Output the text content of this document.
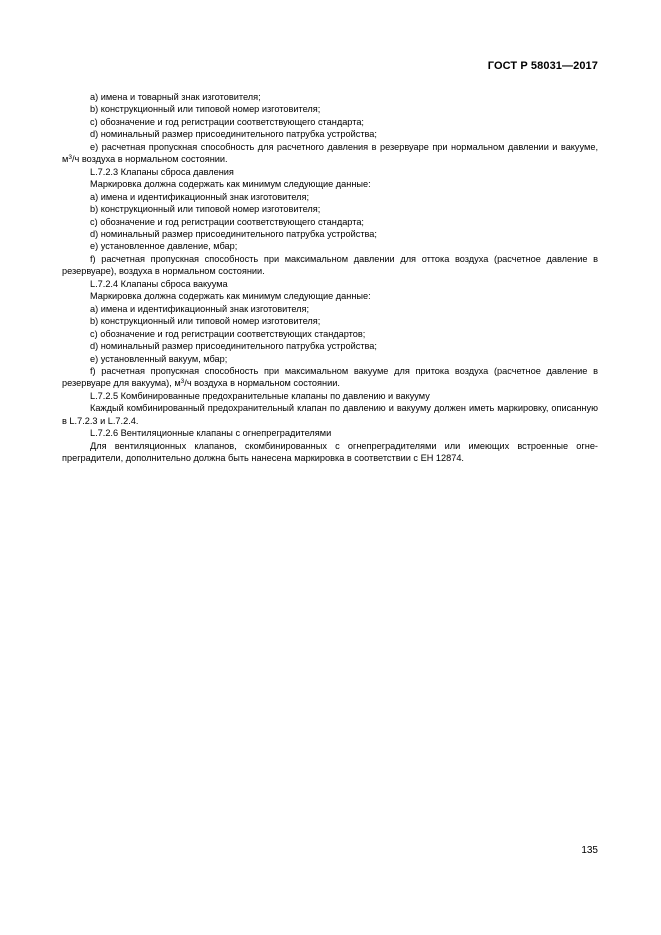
ГОСТ Р 58031—2017

a) имена и товарный знак изготовителя;

b) конструкционный или типовой номер изготовителя;

c) обозначение и год регистрации соответствующего стандарта;

d) номинальный размер присоединительного патрубка устройства;

e) расчетная пропускная способность для расчетного давления в резервуаре при нормальном давлении и вакууме, $м^3/ч$ воздуха в нормальном состоянии.

L.7.2.3 Клапаны сброса давления

Маркировка должна содержать как минимум следующие данные:

a) имена и идентификационный знак изготовителя;

b) конструкционный или типовой номер изготовителя;

c) обозначение и год регистрации соответствующего стандарта;

d) номинальный размер присоединительного патрубка устройства;

e) установленное давление, мбар;

f) расчетная пропускная способность при максимальном давлении для оттока воздуха (расчетное давление в резервуаре), воздуха в нормальном состоянии.

L.7.2.4 Клапаны сброса вакуума

Маркировка должна содержать как минимум следующие данные:

a) имена и идентификационный знак изготовителя;

b) конструкционный или типовой номер изготовителя;

c) обозначение и год регистрации соответствующих стандартов;

d) номинальный размер присоединительного патрубка устройства;

e) установленный вакуум, мбар;

f) расчетная пропускная способность при максимальном вакууме для притока воздуха (расчетное давление в резервуаре для вакуума), $м^3/ч$ воздуха в нормальном состоянии.

L.7.2.5 Комбинированные предохранительные клапаны по давлению и вакууму

Каждый комбинированный предохранительный клапан по давлению и вакууму должен иметь маркировку, описанную в L.7.2.3 и L.7.2.4.

L.7.2.6 Вентиляционные клапаны с огнепреградителями

Для вентиляционных клапанов, скомбинированных с огнепреградителями или имеющих встроенные огне-преградители, дополнительно должна быть нанесена маркировка в соответствии с ЕН 12874.

135
